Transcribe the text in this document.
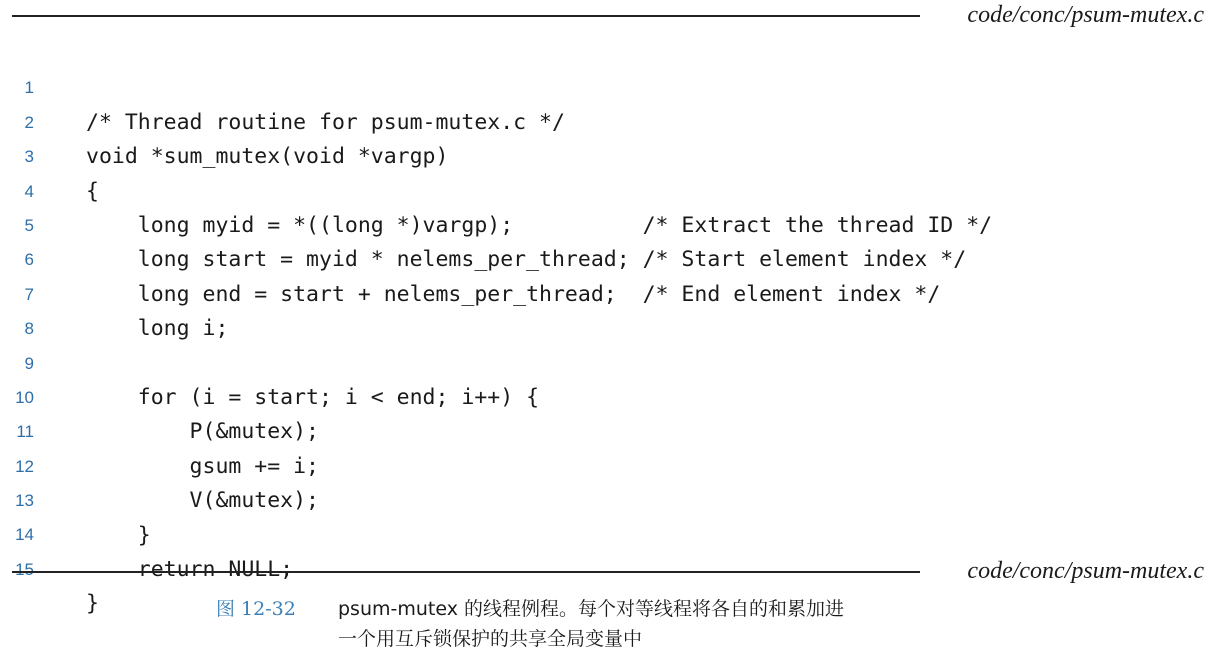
code/conc/psum-mutex.c

1

/* Thread routine for psum-mutex.c */

2

void *sum_mutex(void *vargp)

3

{

4

long myid = *((long *)vargp);          /* Extract the thread ID */

5

long start = myid * nelems_per_thread; /* Start element index */

6

long end = start + nelems_per_thread;  /* End element index */

7

long i;

8

9

for (i = start; i < end; i++) {

10

P(&mutex);

11

gsum += i;

12

V(&mutex);

13

}

14

return NULL;

15

}

code/conc/psum-mutex.c
图 12-32 psum-mutex 的线程例程。每个对等线程将各自的和累加进
一个用互斥锁保护的共享全局变量中
